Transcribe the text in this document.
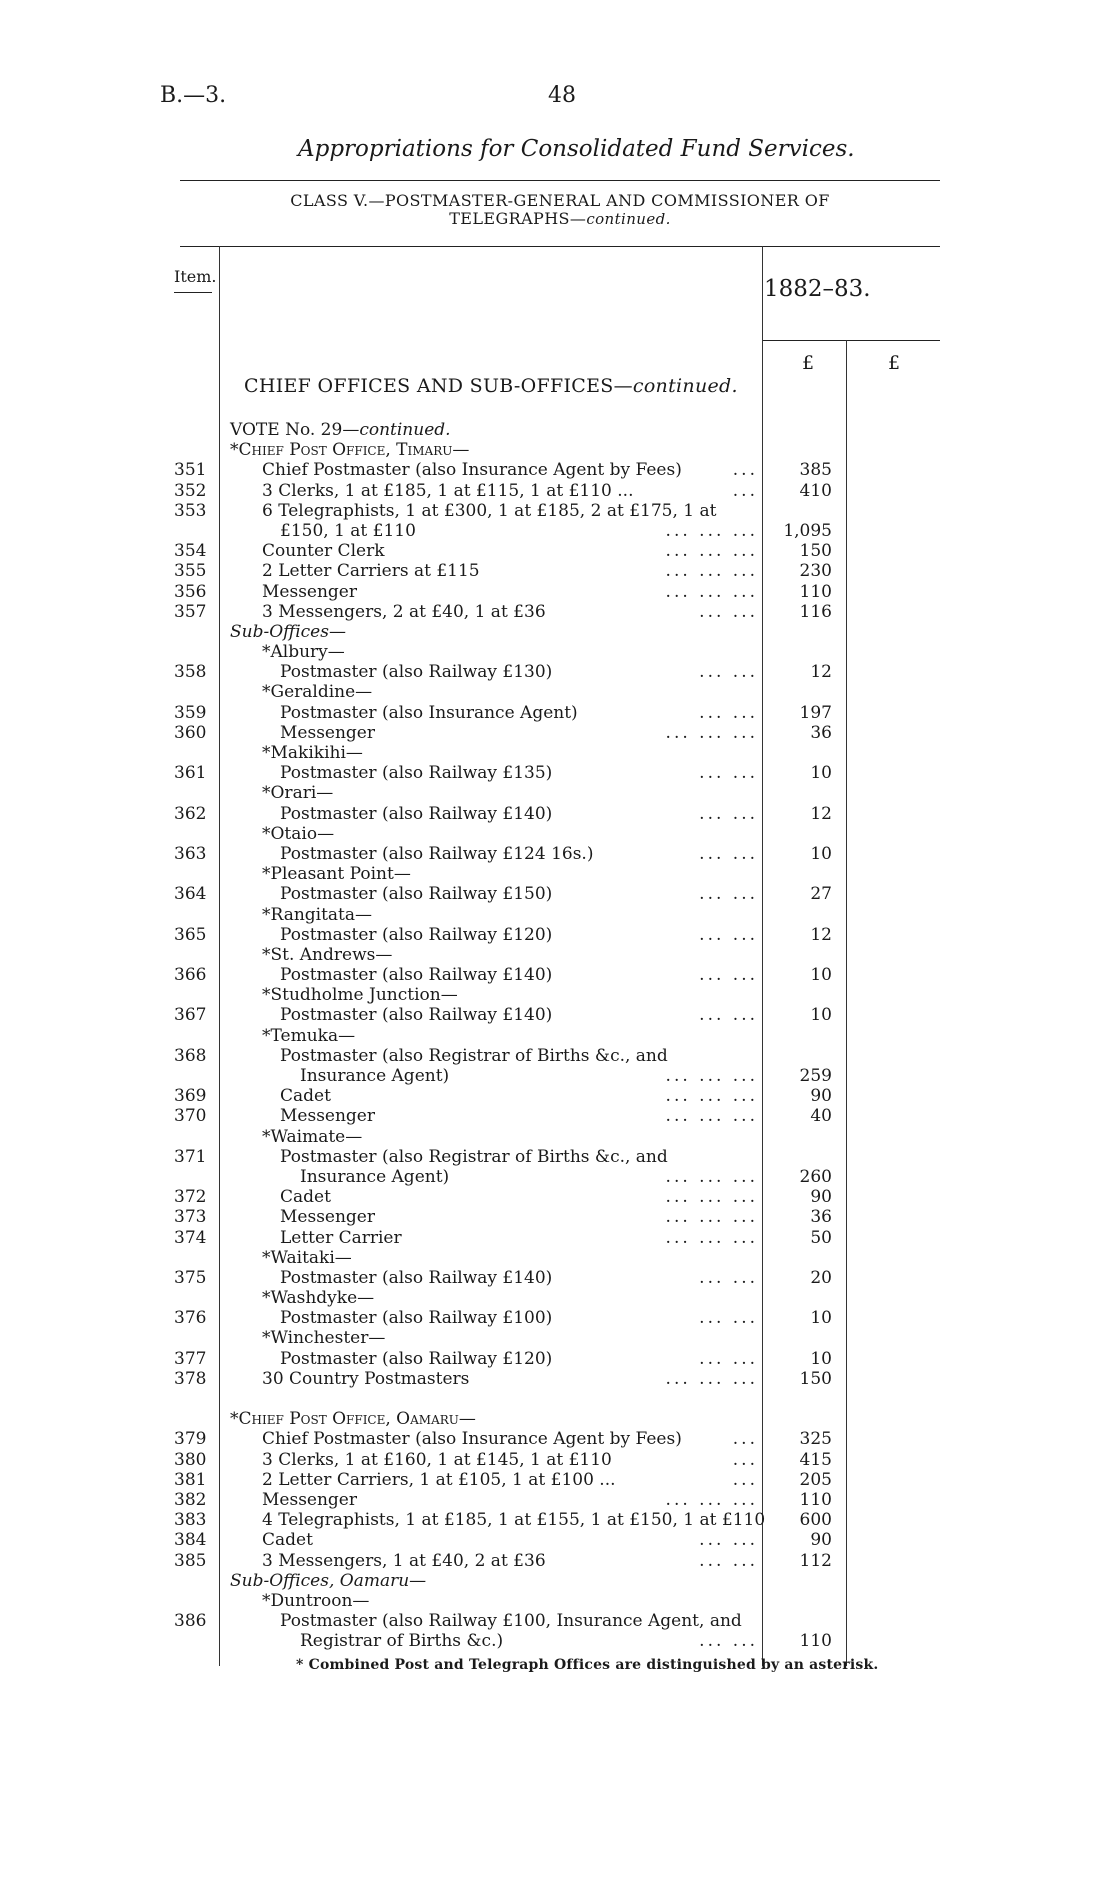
B.—3.	48
Appropriations for Consolidated Fund Services.
CLASS V.—POSTMASTER-GENERAL AND COMMISSIONER OF
TELEGRAPHS—continued.
Item.	1882–83.
£	£
CHIEF OFFICES AND SUB-OFFICES—continued.
VOTE No. 29—continued.
*Chief Post Office, Timaru—
351	Chief Postmaster (also Insurance Agent by Fees)	...	385
352	3 Clerks, 1 at £185, 1 at £115, 1 at £110 ...	...	410
353	6 Telegraphists, 1 at £300, 1 at £185, 2 at £175, 1 at
£150, 1 at £110	... ... ... 1,095
354	Counter Clerk	... ... ...	150
355	2 Letter Carriers at £115	... ... ...	230
356	Messenger	... ... ...	110
357	3 Messengers, 2 at £40, 1 at £36	... ...	116
Sub-Offices—
*Albury—
358	Postmaster (also Railway £130)	... ...	12
*Geraldine—
359	Postmaster (also Insurance Agent)	... ...	197
360	Messenger	... ... ...	36
*Makikihi—
361	Postmaster (also Railway £135)	... ...	10
*Orari—
362	Postmaster (also Railway £140)	... ...	12
*Otaio—
363	Postmaster (also Railway £124 16s.)	... ...	10
*Pleasant Point—
364	Postmaster (also Railway £150)	... ...	27
*Rangitata—
365	Postmaster (also Railway £120)	... ...	12
*St. Andrews—
366	Postmaster (also Railway £140)	... ...	10
*Studholme Junction—
367	Postmaster (also Railway £140)	... ...	10
*Temuka—
368	Postmaster (also Registrar of Births &c., and
Insurance Agent)	... ... ...	259
369	Cadet	... ... ...	90
370	Messenger	... ... ...	40
*Waimate—
371	Postmaster (also Registrar of Births &c., and
Insurance Agent)	... ... ...	260
372	Cadet	... ... ...	90
373	Messenger	... ... ...	36
374	Letter Carrier	... ... ...	50
*Waitaki—
375	Postmaster (also Railway £140)	... ...	20
*Washdyke—
376	Postmaster (also Railway £100)	... ...	10
*Winchester—
377	Postmaster (also Railway £120)	... ...	10
378	30 Country Postmasters	... ... ...	150
*Chief Post Office, Oamaru—
379	Chief Postmaster (also Insurance Agent by Fees)	...	325
380	3 Clerks, 1 at £160, 1 at £145, 1 at £110	...	415
381	2 Letter Carriers, 1 at £105, 1 at £100 ...	...	205
382	Messenger	... ... ...	110
383	4 Telegraphists, 1 at £185, 1 at £155, 1 at £150, 1 at £110	600
384	Cadet	... ...	90
385	3 Messengers, 1 at £40, 2 at £36	... ...	112
Sub-Offices, Oamaru—
*Duntroon—
386	Postmaster (also Railway £100, Insurance Agent, and
Registrar of Births &c.)	... ...	110
* Combined Post and Telegraph Offices are distinguished by an asterisk.
